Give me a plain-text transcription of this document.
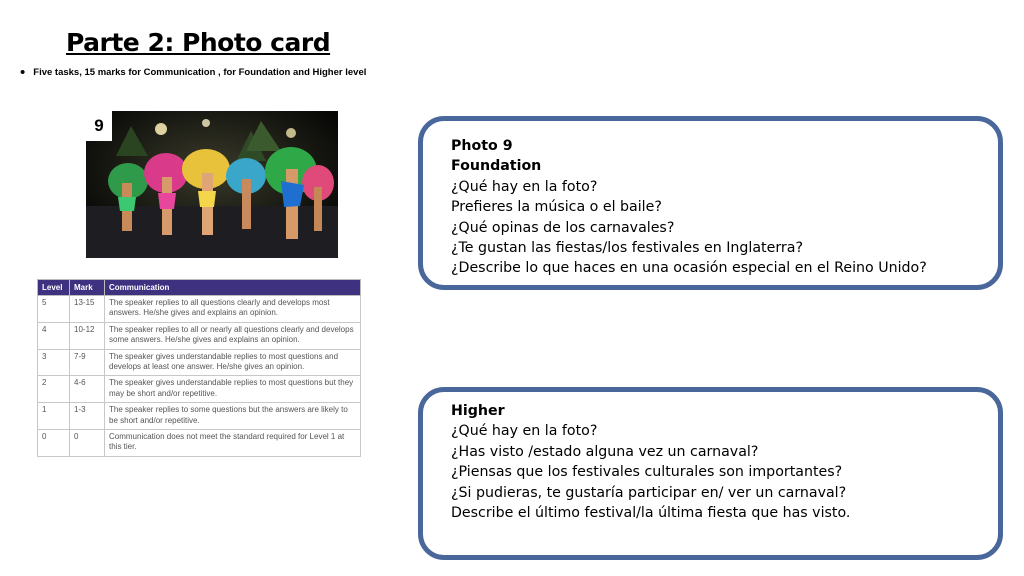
Parte 2: Photo card
• Five tasks, 15 marks for Communication , for Foundation and Higher level
9
Level	Mark	Communication
5	13-15	The speaker replies to all questions clearly and develops most answers. He/she gives and explains an opinion.
4	10-12	The speaker replies to all or nearly all questions clearly and develops some answers. He/she gives and explains an opinion.
3	7-9	The speaker gives understandable replies to most questions and develops at least one answer. He/she gives an opinion.
2	4-6	The speaker gives understandable replies to most questions but they may be short and/or repetitive.
1	1-3	The speaker replies to some questions but the answers are likely to be short and/or repetitive.
0	0	Communication does not meet the standard required for Level 1 at this tier.
Photo 9
Foundation
¿Qué hay en la foto?
Prefieres la música o el baile?
¿Qué opinas de los carnavales?
¿Te gustan las fiestas/los festivales en Inglaterra?
¿Describe lo que haces en una ocasión especial en el Reino Unido?
Higher
¿Qué hay en la foto?
¿Has visto /estado alguna vez un carnaval?
¿Piensas que los festivales culturales son importantes?
¿Si pudieras, te gustaría participar en/ ver un carnaval?
Describe el último festival/la última fiesta que has visto.
